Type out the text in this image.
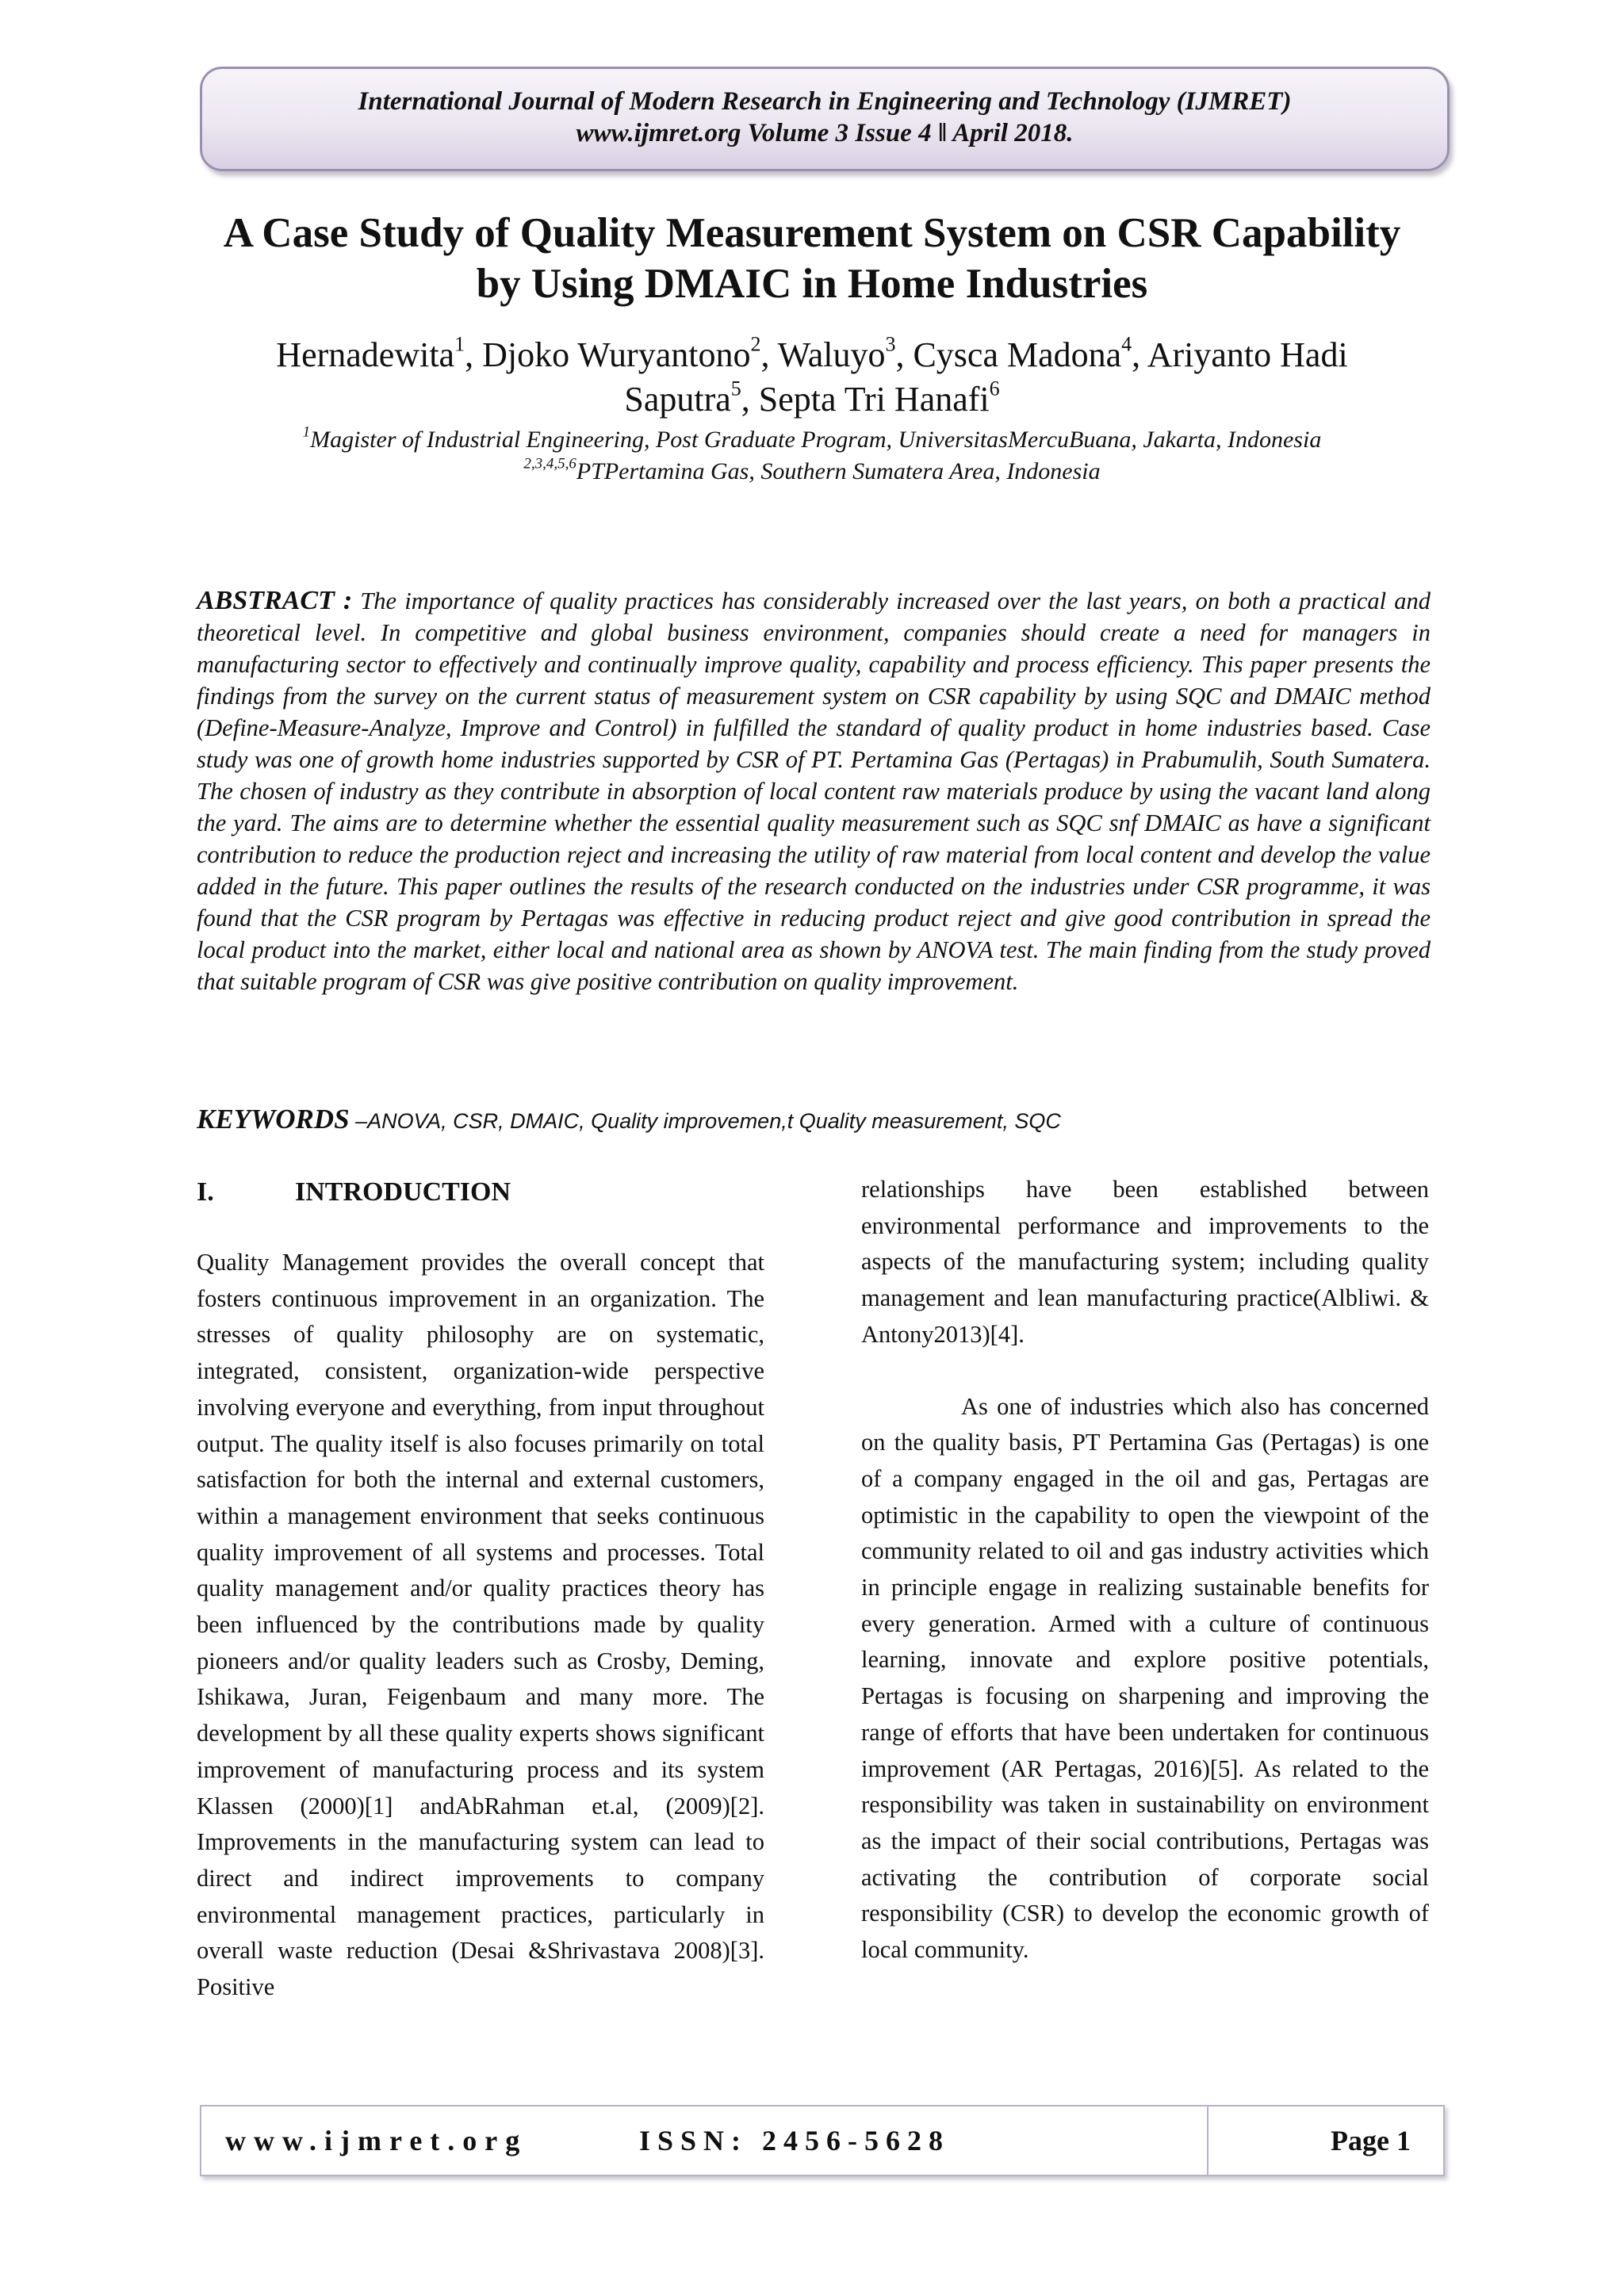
International Journal of Modern Research in Engineering and Technology (IJMRET)
www.ijmret.org Volume 3 Issue 4 ǁ April 2018.
A Case Study of Quality Measurement System on CSR Capability
by Using DMAIC in Home Industries
Hernadewita$^1$, Djoko Wuryantono$^2$, Waluyo$^3$, Cysca Madona$^4$, Ariyanto Hadi
Saputra$^5$, Septa Tri Hanafi$^6$
$^1$Magister of Industrial Engineering, Post Graduate Program, UniversitasMercuBuana, Jakarta, Indonesia
$^{2,3,4,5,6}$PTPertamina Gas, Southern Sumatera Area, Indonesia
ABSTRACT : The importance of quality practices has considerably increased over the last years, on both a practical and theoretical level. In competitive and global business environment, companies should create a need for managers in manufacturing sector to effectively and continually improve quality, capability and process efficiency. This paper presents the findings from the survey on the current status of measurement system on CSR capability by using SQC and DMAIC method (Define-Measure-Analyze, Improve and Control) in fulfilled the standard of quality product in home industries based. Case study was one of growth home industries supported by CSR of PT. Pertamina Gas (Pertagas) in Prabumulih, South Sumatera. The chosen of industry as they contribute in absorption of local content raw materials produce by using the vacant land along the yard. The aims are to determine whether the essential quality measurement such as SQC snf DMAIC as have a significant contribution to reduce the production reject and increasing the utility of raw material from local content and develop the value added in the future. This paper outlines the results of the research conducted on the industries under CSR programme, it was found that the CSR program by Pertagas was effective in reducing product reject and give good contribution in spread the local product into the market, either local and national area as shown by ANOVA test. The main finding from the study proved that suitable program of CSR was give positive contribution on quality improvement.
KEYWORDS –ANOVA, CSR, DMAIC, Quality improvemen,t Quality measurement, SQC
I.	INTRODUCTION

Quality Management provides the overall concept that fosters continuous improvement in an organization. The stresses of quality philosophy are on systematic, integrated, consistent, organization-wide perspective involving everyone and everything, from input throughout output. The quality itself is also focuses primarily on total satisfaction for both the internal and external customers, within a management environment that seeks continuous quality improvement of all systems and processes. Total quality management and/or quality practices theory has been influenced by the contributions made by quality pioneers and/or quality leaders such as Crosby, Deming, Ishikawa, Juran, Feigenbaum and many more. The development by all these quality experts shows significant improvement of manufacturing process and its system Klassen (2000)[1] andAbRahman et.al, (2009)[2]. Improvements in the manufacturing system can lead to direct and indirect improvements to company environmental management practices, particularly in overall waste reduction (Desai &Shrivastava 2008)[3]. Positive

relationships have been established between environmental performance and improvements to the aspects of the manufacturing system; including quality management and lean manufacturing practice(Albliwi. & Antony2013)[4].

As one of industries which also has concerned on the quality basis, PT Pertamina Gas (Pertagas) is one of a company engaged in the oil and gas, Pertagas are optimistic in the capability to open the viewpoint of the community related to oil and gas industry activities which in principle engage in realizing sustainable benefits for every generation. Armed with a culture of continuous learning, innovate and explore positive potentials, Pertagas is focusing on sharpening and improving the range of efforts that have been undertaken for continuous improvement (AR Pertagas, 2016)[5]. As related to the responsibility was taken in sustainability on environment as the impact of their social contributions, Pertagas was activating the contribution of corporate social responsibility (CSR) to develop the economic growth of local community.

www.ijmret.org	ISSN: 2456-5628	Page 1
